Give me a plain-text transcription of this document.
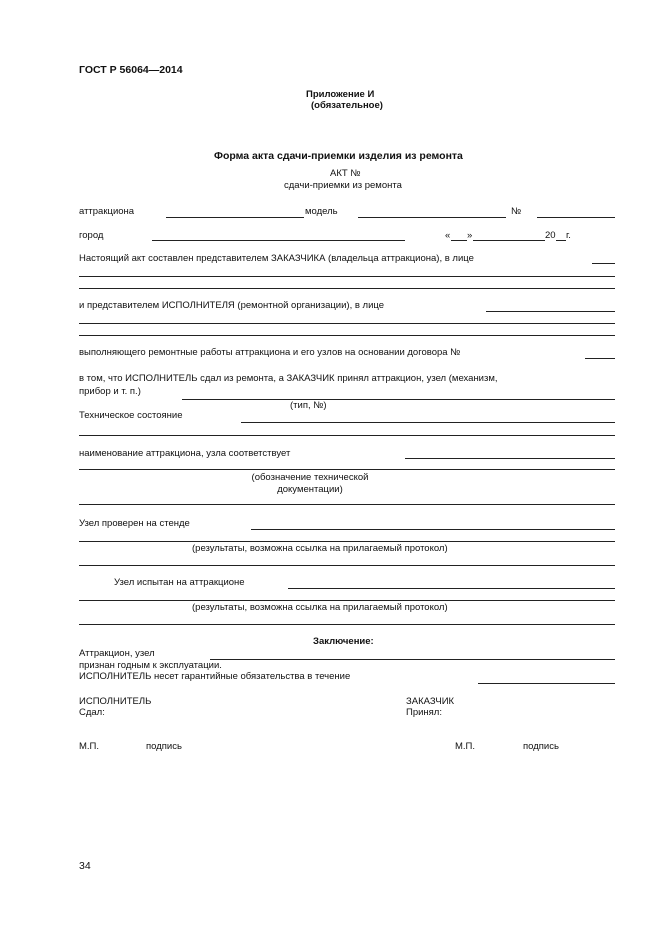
ГОСТ Р 56064—2014
Приложение И
(обязательное)
Форма акта сдачи-приемки изделия из ремонта
АКТ №
сдачи-приемки из ремонта
аттракциона	модель	№
город	« »	20 г.
Настоящий акт составлен представителем ЗАКАЗЧИКА (владельца аттракциона), в лице
и представителем ИСПОЛНИТЕЛЯ (ремонтной организации), в лице
выполняющего ремонтные работы аттракциона и его узлов на основании договора №
в том, что ИСПОЛНИТЕЛЬ сдал из ремонта, а ЗАКАЗЧИК принял аттракцион, узел (механизм,
прибор и т. п.)
(тип, №)
Техническое состояние
наименование аттракциона, узла соответствует
(обозначение технической
документации)
Узел проверен на стенде
(результаты, возможна ссылка на прилагаемый протокол)
Узел испытан на аттракционе
(результаты, возможна ссылка на прилагаемый протокол)
Заключение:
Аттракцион, узел
признан годным к эксплуатации.
ИСПОЛНИТЕЛЬ несет гарантийные обязательства в течение
ИСПОЛНИТЕЛЬ
Сдал:
ЗАКАЗЧИК
Принял:
М.П.	подпись	М.П.	подпись
34
